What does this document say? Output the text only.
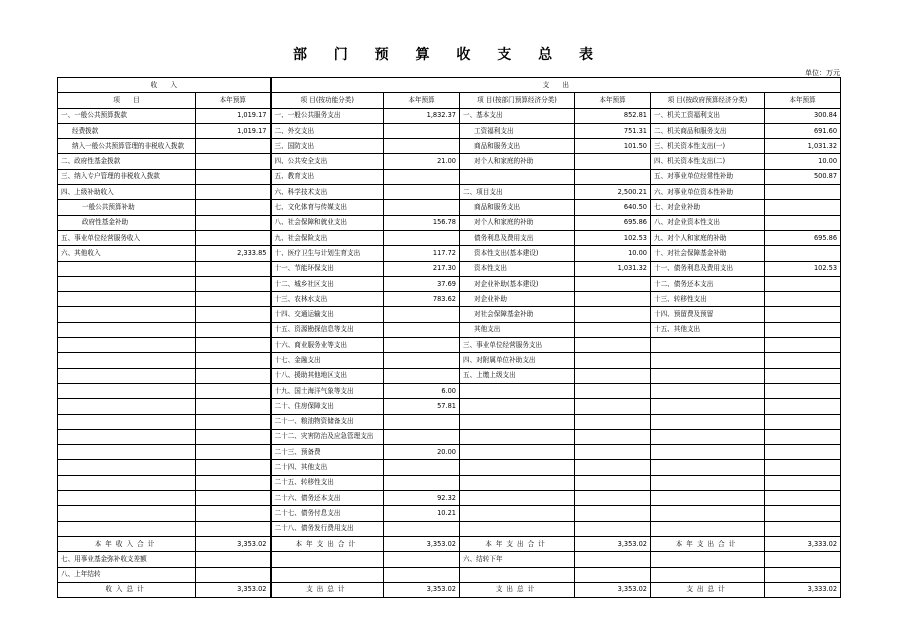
部 门 预 算 收 支 总 表
单位：万元
收　　入		支　　出					
项　　目	本年预算	项 目(按功能分类)	本年预算	项 目(按部门预算经济分类)	本年预算	项 目(按政府预算经济分类)	本年预算
一、一般公共预算拨款	1,019.17	一、一般公共服务支出	1,832.37	一、基本支出	852.81	一、机关工资福利支出	300.84
经费拨款	1,019.17	二、外交支出		工资福利支出	751.31	二、机关商品和服务支出	691.60
纳入一般公共预算管理的非税收入拨款		三、国防支出		商品和服务支出	101.50	三、机关资本性支出(一)	1,031.32
二、政府性基金拨款		四、公共安全支出	21.00	对个人和家庭的补助		四、机关资本性支出(二)	10.00
三、纳入专户管理的非税收入拨款		五、教育支出				五、对事业单位经常性补助	500.87
四、上级补助收入		六、科学技术支出		二、项目支出	2,500.21	六、对事业单位资本性补助	
一般公共预算补助		七、文化体育与传媒支出		商品和服务支出	640.50	七、对企业补助	
政府性基金补助		八、社会保障和就业支出	156.78	对个人和家庭的补助	695.86	八、对企业资本性支出	
五、事业单位经营服务收入		九、社会保险支出		债务利息及费用支出	102.53	九、对个人和家庭的补助	695.86
六、其他收入	2,333.85	十、医疗卫生与计划生育支出	117.72	资本性支出(基本建设)	10.00	十、对社会保障基金补助	
		十一、节能环保支出	217.30	资本性支出	1,031.32	十一、债务利息及费用支出	102.53
		十二、城乡社区支出	37.69	对企业补助(基本建设)		十二、债务还本支出	
		十三、农林水支出	783.62	对企业补助		十三、转移性支出	
		十四、交通运输支出		对社会保障基金补助		十四、预留费及预留	
		十五、资源勘探信息等支出		其他支出		十五、其他支出	
		十六、商业服务业等支出		三、事业单位经营服务支出			
		十七、金融支出		四、对附属单位补助支出			
		十八、援助其他地区支出		五、上缴上级支出			
		十九、国土海洋气象等支出	6.00				
		二十、住房保障支出	57.81				
		二十一、粮油物资储备支出					
		二十二、灾害防治及应急管理支出					
		二十三、预备费	20.00				
		二十四、其他支出					
		二十五、转移性支出					
		二十六、债务还本支出	92.32				
		二十七、债务付息支出	10.21				
		二十八、债务发行费用支出					
本年收入合计	3,353.02	本年支出合计	3,353.02	本年支出合计	3,353.02	本年支出合计	3,333.02
七、用事业基金弥补收支差额				六、结转下年			
八、上年结转							
收入总计	3,353.02	支出总计	3,353.02	支出总计	3,353.02	支出总计	3,333.02
